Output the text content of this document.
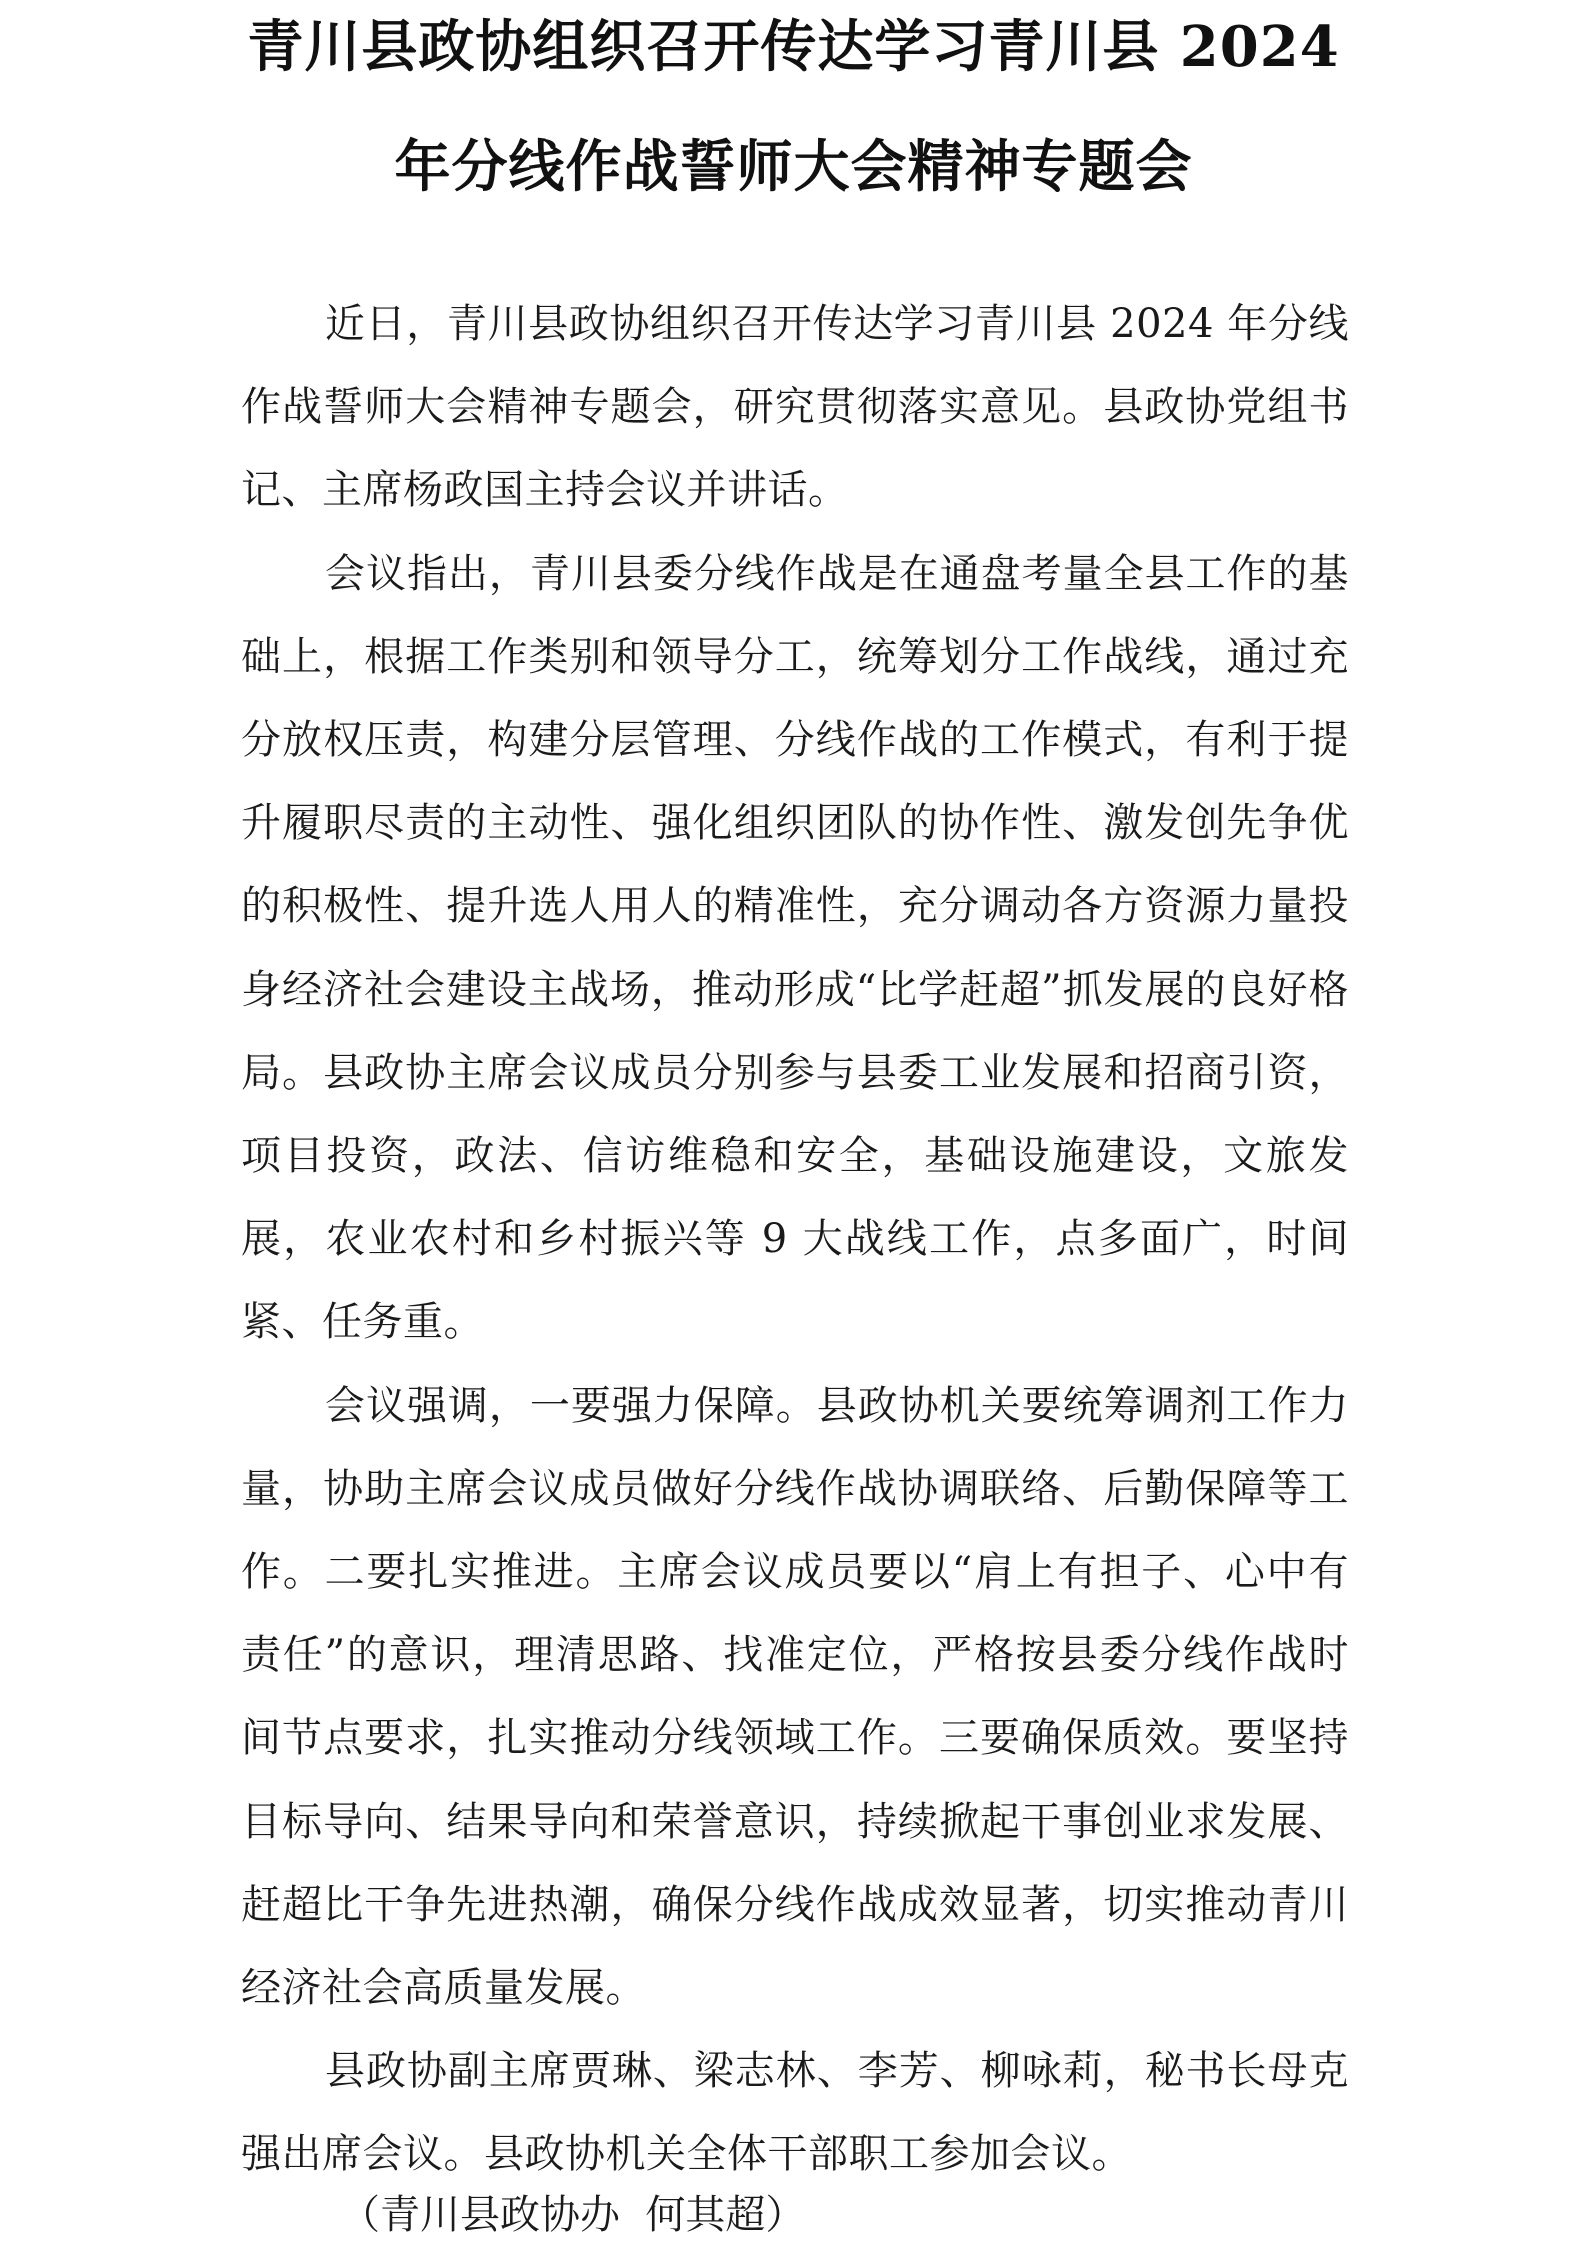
青川县政协组织召开传达学习青川县 2024
年分线作战誓师大会精神专题会

近日，青川县政协组织召开传达学习青川县 2024 年分线作战誓师大会精神专题会，研究贯彻落实意见。县政协党组书记、主席杨政国主持会议并讲话。

会议指出，青川县委分线作战是在通盘考量全县工作的基础上，根据工作类别和领导分工，统筹划分工作战线，通过充分放权压责，构建分层管理、分线作战的工作模式，有利于提升履职尽责的主动性、强化组织团队的协作性、激发创先争优的积极性、提升选人用人的精准性，充分调动各方资源力量投身经济社会建设主战场，推动形成“比学赶超”抓发展的良好格局。县政协主席会议成员分别参与县委工业发展和招商引资，项目投资，政法、信访维稳和安全，基础设施建设，文旅发展，农业农村和乡村振兴等 9 大战线工作，点多面广，时间紧、任务重。

会议强调，一要强力保障。县政协机关要统筹调剂工作力量，协助主席会议成员做好分线作战协调联络、后勤保障等工作。二要扎实推进。主席会议成员要以“肩上有担子、心中有责任”的意识，理清思路、找准定位，严格按县委分线作战时间节点要求，扎实推动分线领域工作。三要确保质效。要坚持目标导向、结果导向和荣誉意识，持续掀起干事创业求发展、赶超比干争先进热潮，确保分线作战成效显著，切实推动青川经济社会高质量发展。

县政协副主席贾琳、梁志林、李芳、柳咏莉，秘书长母克强出席会议。县政协机关全体干部职工参加会议。

（青川县政协办  何其超）
